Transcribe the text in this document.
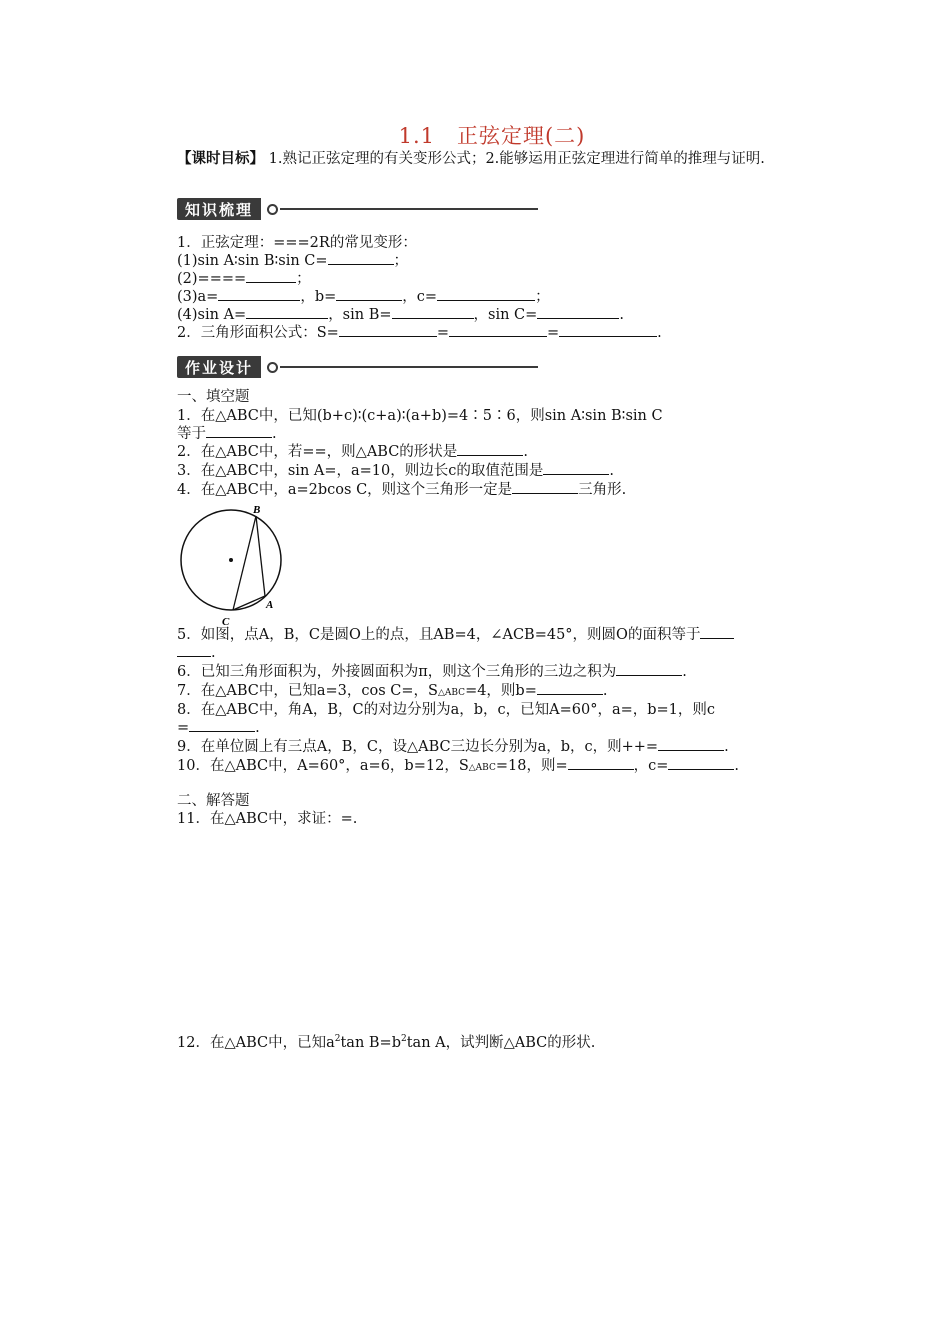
1.1　正弦定理(二)
【课时目标】 1.熟记正弦定理的有关变形公式；2.能够运用正弦定理进行简单的推理与证明.
知识梳理
1．正弦定理：===2R的常见变形：
(1)sin A∶sin B∶sin C=	；
(2)====	；
(3)a=	，b=	，c=	；
(4)sin A=	，sin B=	，sin C=	.
2．三角形面积公式：S=	=	=	.
作业设计
一、填空题
1．在△ABC中，已知(b+c)∶(c+a)∶(a+b)=4∶5∶6，则sin A∶sin B∶sin C
等于	.
2．在△ABC中，若==，则△ABC的形状是	.
3．在△ABC中，sin A=，a=10，则边长c的取值范围是	.
4．在△ABC中，a=2bcos C，则这个三角形一定是	三角形.
B
A
C
5．如图，点A，B，C是圆O上的点，且AB=4，∠ACB=45°，则圆O的面积等于
.
6．已知三角形面积为，外接圆面积为π，则这个三角形的三边之积为	.
7．在△ABC中，已知a=3，cos C=，S△ABC=4，则b=	.
8．在△ABC中，角A，B，C的对边分别为a，b，c，已知A=60°，a=，b=1，则c
=	.
9．在单位圆上有三点A，B，C，设△ABC三边长分别为a，b，c，则++=	.
10．在△ABC中，A=60°，a=6，b=12，S△ABC=18，则=	，c=	.
二、解答题
11．在△ABC中，求证：=.
12．在△ABC中，已知$a^2\tan$ $B=b^2\tan$ A，试判断△ABC的形状.
